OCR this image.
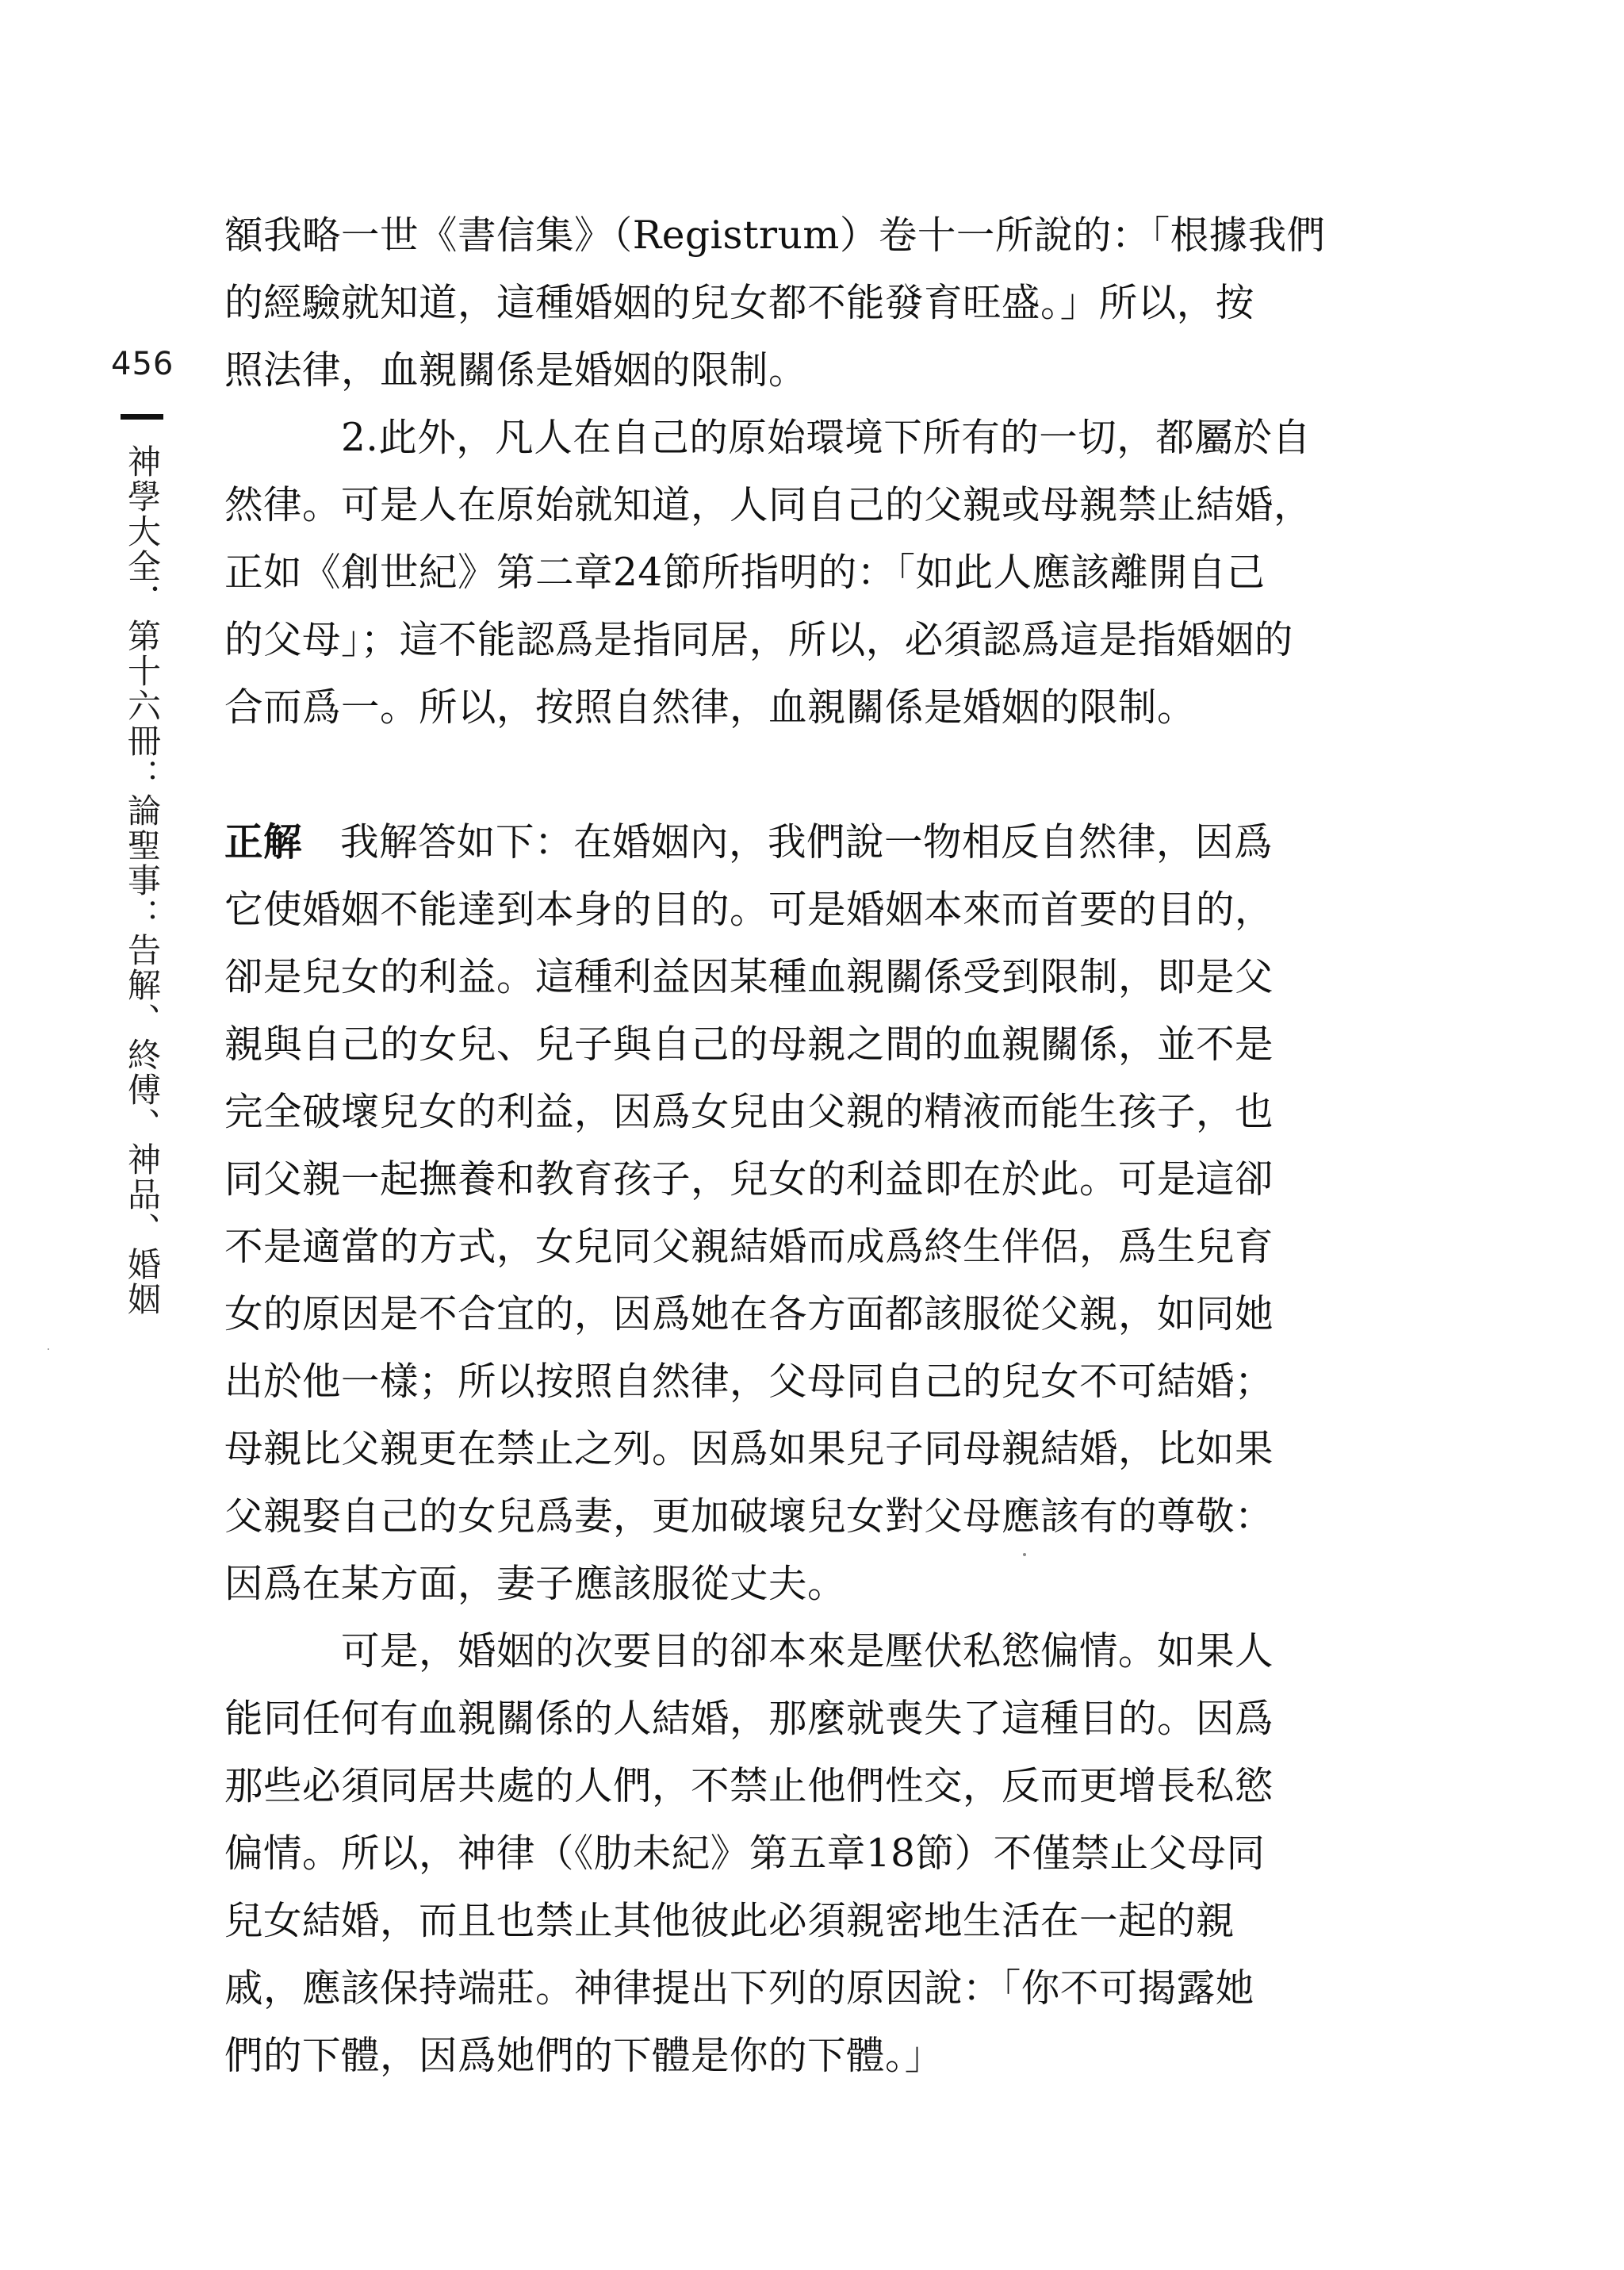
456
神學大全．第十六冊：論聖事：告解、終傅、神品、婚姻

額我略一世《書信集》（Registrum）卷十一所說的：「根據我們

的經驗就知道，這種婚姻的兒女都不能發育旺盛。」所以，按

照法律，血親關係是婚姻的限制。

2.此外，凡人在自己的原始環境下所有的一切，都屬於自

然律。可是人在原始就知道，人同自己的父親或母親禁止結婚，

正如《創世紀》第二章24節所指明的：「如此人應該離開自己

的父母」；這不能認爲是指同居，所以，必須認爲這是指婚姻的

合而爲一。所以，按照自然律，血親關係是婚姻的限制。

正解 我解答如下：在婚姻內，我們說一物相反自然律，因爲

它使婚姻不能達到本身的目的。可是婚姻本來而首要的目的，

卻是兒女的利益。這種利益因某種血親關係受到限制，即是父

親與自己的女兒、兒子與自己的母親之間的血親關係，並不是

完全破壞兒女的利益，因爲女兒由父親的精液而能生孩子，也

同父親一起撫養和教育孩子，兒女的利益即在於此。可是這卻

不是適當的方式，女兒同父親結婚而成爲終生伴侶，爲生兒育

女的原因是不合宜的，因爲她在各方面都該服從父親，如同她

出於他一樣；所以按照自然律，父母同自己的兒女不可結婚；

母親比父親更在禁止之列。因爲如果兒子同母親結婚，比如果

父親娶自己的女兒爲妻，更加破壞兒女對父母應該有的尊敬：

因爲在某方面，妻子應該服從丈夫。

可是，婚姻的次要目的卻本來是壓伏私慾偏情。如果人

能同任何有血親關係的人結婚，那麼就喪失了這種目的。因爲

那些必須同居共處的人們，不禁止他們性交，反而更增長私慾

偏情。所以，神律（《肋未紀》第五章18節）不僅禁止父母同

兒女結婚，而且也禁止其他彼此必須親密地生活在一起的親

戚，應該保持端莊。神律提出下列的原因說：「你不可揭露她

們的下體，因爲她們的下體是你的下體。」
